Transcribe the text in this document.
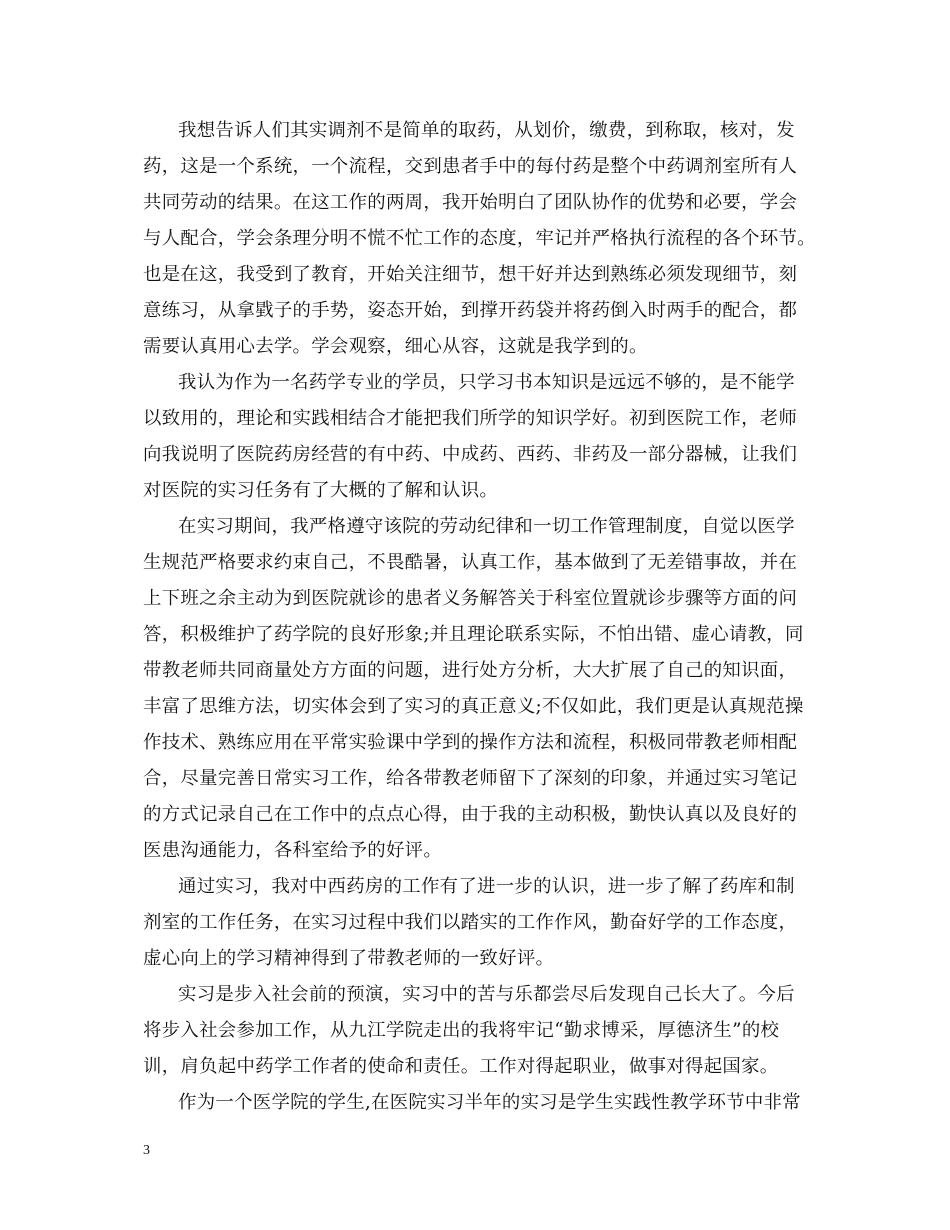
我想告诉人们其实调剂不是简单的取药，从划价，缴费，到称取，核对，发
药，这是一个系统，一个流程，交到患者手中的每付药是整个中药调剂室所有人
共同劳动的结果。在这工作的两周，我开始明白了团队协作的优势和必要，学会
与人配合，学会条理分明不慌不忙工作的态度，牢记并严格执行流程的各个环节。
也是在这，我受到了教育，开始关注细节，想干好并达到熟练必须发现细节，刻
意练习，从拿戥子的手势，姿态开始，到撑开药袋并将药倒入时两手的配合，都
需要认真用心去学。学会观察，细心从容，这就是我学到的。
我认为作为一名药学专业的学员，只学习书本知识是远远不够的，是不能学
以致用的，理论和实践相结合才能把我们所学的知识学好。初到医院工作，老师
向我说明了医院药房经营的有中药、中成药、西药、非药及一部分器械，让我们
对医院的实习任务有了大概的了解和认识。
在实习期间，我严格遵守该院的劳动纪律和一切工作管理制度，自觉以医学
生规范严格要求约束自己，不畏酷暑，认真工作，基本做到了无差错事故，并在
上下班之余主动为到医院就诊的患者义务解答关于科室位置就诊步骤等方面的问
答，积极维护了药学院的良好形象;并且理论联系实际，不怕出错、虚心请教，同
带教老师共同商量处方方面的问题，进行处方分析，大大扩展了自己的知识面，
丰富了思维方法，切实体会到了实习的真正意义;不仅如此，我们更是认真规范操
作技术、熟练应用在平常实验课中学到的操作方法和流程，积极同带教老师相配
合，尽量完善日常实习工作，给各带教老师留下了深刻的印象，并通过实习笔记
的方式记录自己在工作中的点点心得，由于我的主动积极，勤快认真以及良好的
医患沟通能力，各科室给予的好评。
通过实习，我对中西药房的工作有了进一步的认识，进一步了解了药库和制
剂室的工作任务，在实习过程中我们以踏实的工作作风，勤奋好学的工作态度，
虚心向上的学习精神得到了带教老师的一致好评。
实习是步入社会前的预演，实习中的苦与乐都尝尽后发现自己长大了。今后
将步入社会参加工作，从九江学院走出的我将牢记“勤求博采，厚德济生”的校
训，肩负起中药学工作者的使命和责任。工作对得起职业，做事对得起国家。
作为一个医学院的学生,在医院实习半年的实习是学生实践性教学环节中非常
3
